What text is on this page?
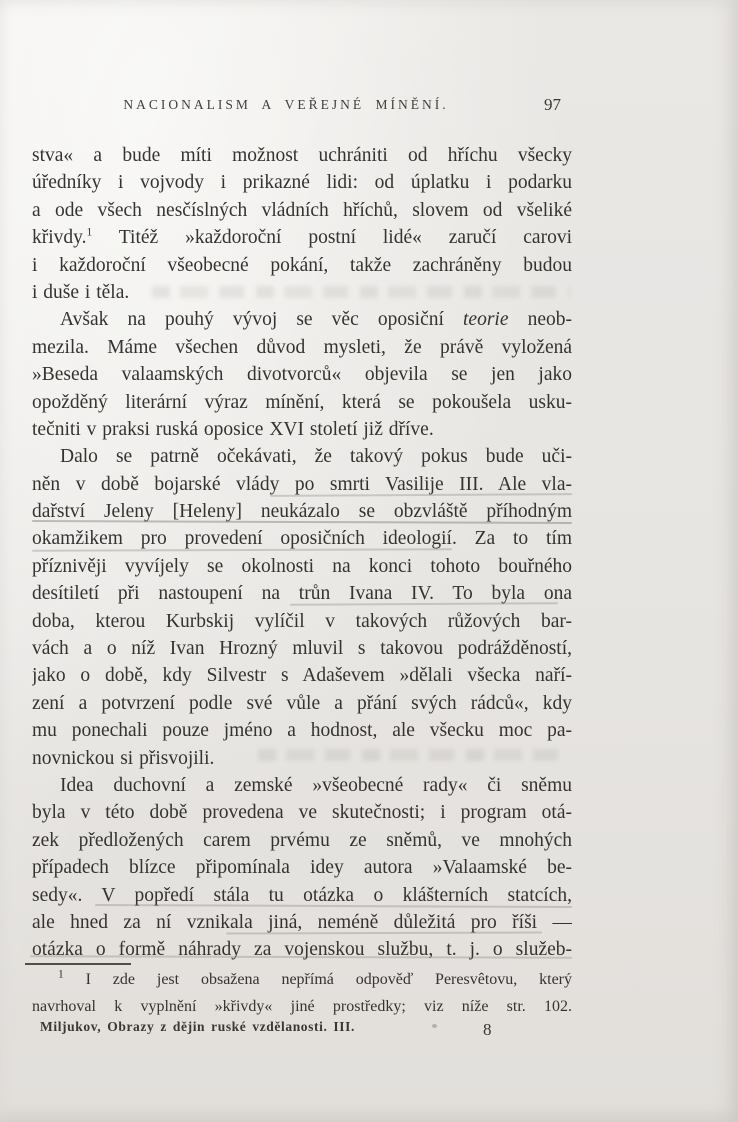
NACIONALISM A VEŘEJNÉ MÍNĚNÍ.	97
stva« a bude míti možnost uchrániti od hříchu všecky
úředníky i vojvody i prikazné lidi: od úplatku i podarku
a ode všech nesčíslných vládních hříchů, slovem od všeliké
křivdy.$^1$ Titéž »každoroční postní lidé« zaručí carovi
i každoroční všeobecné pokání, takže zachráněny budou
i duše i těla.
Avšak na pouhý vývoj se věc oposiční teorie neob-
mezila. Máme všechen důvod mysleti, že právě vyložená
»Beseda valaamských divotvorců« objevila se jen jako
opožděný literární výraz mínění, která se pokoušela usku-
tečniti v praksi ruská oposice XVI století již dříve.
Dalo se patrně očekávati, že takový pokus bude uči-
něn v době bojarské vlády po smrti Vasilije III. Ale vla-
dařství Jeleny [Heleny] neukázalo se obzvláště příhodným
okamžikem pro provedení oposičních ideologií. Za to tím
příznivěji vyvíjely se okolnosti na konci tohoto bouřného
desítiletí při nastoupení na trůn Ivana IV. To byla ona
doba, kterou Kurbskij vylíčil v takových růžových bar-
vách a o níž Ivan Hrozný mluvil s takovou podrážděností,
jako o době, kdy Silvestr s Adaševem »dělali všecka naří-
zení a potvrzení podle své vůle a přání svých rádců«, kdy
mu ponechali pouze jméno a hodnost, ale všecku moc pa-
novnickou si přisvojili.
Idea duchovní a zemské »všeobecné rady« či sněmu
byla v této době provedena ve skutečnosti; i program otá-
zek předložených carem prvému ze sněmů, ve mnohých
případech blízce připomínala idey autora »Valaamské be-
sedy«. V popředí stála tu otázka o klášterních statcích,
ale hned za ní vznikala jiná, neméně důležitá pro říši —
otázka o formě náhrady za vojenskou službu, t. j. o služeb-
$^1$ I zde jest obsažena nepřímá odpověď Peresvêtovu, který
navrhoval k vyplnění »křivdy« jiné prostředky; viz níže str. 102.
Miljukov, Obrazy z dějin ruské vzdělanosti. III.	8
